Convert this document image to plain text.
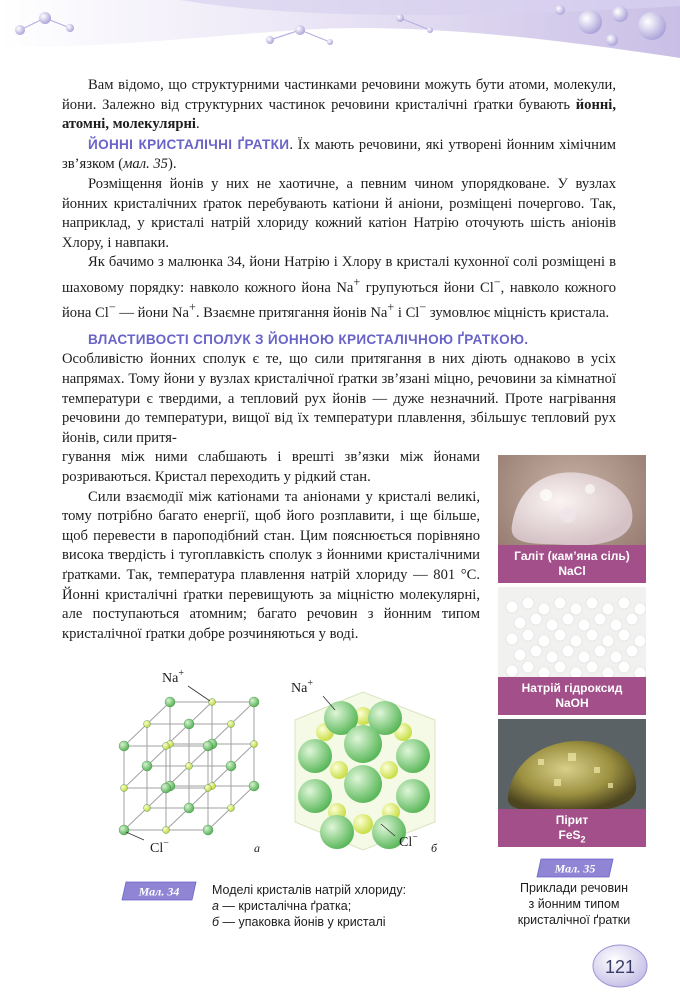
Вам відомо, що структурними частинками речовини можуть бути атоми, молекули, йони. Залежно від структурних частинок речовини кристалічні ґратки бувають йонні, атомні, молекулярні.

ЙОННІ КРИСТАЛІЧНІ ҐРАТКИ. Їх мають речовини, які утворені йонним хімічним зв’язком (мал. 35).

Розміщення йонів у них не хаотичне, а певним чином упорядковане. У вузлах йонних кристалічних ґраток перебувають катіони й аніони, розміщені почергово. Так, наприклад, у кристалі натрій хлориду кожний катіон Натрію оточують шість аніонів Хлору, і навпаки.

Як бачимо з малюнка 34, йони Натрію і Хлору в кристалі кухонної солі розміщені в шаховому порядку: навколо кожного йона Na+ групуються йони Cl−, навколо кожного йона Cl− — йони Na+. Взаємне притягання йонів Na+ і Cl− зумовлює міцність кристала.

ВЛАСТИВОСТІ СПОЛУК З ЙОННОЮ КРИСТАЛІЧНОЮ ҐРАТКОЮ.

Особливістю йонних сполук є те, що сили притягання в них діють однаково в усіх напрямах. Тому йони у вузлах кристалічної ґратки зв’язані міцно, речовини за кімнатної температури є твердими, а тепловий рух йонів — дуже незначний. Проте нагрівання речовини до температури, вищої від їх температури плавлення, збільшує тепловий рух йонів, сили притя-

гування між ними слабшають і врешті зв’язки між йонами розриваються. Кристал переходить у рідкий стан.

Сили взаємодії між катіонами та аніонами у кристалі великі, тому потрібно багато енергії, щоб його розплавити, і ще більше, щоб перевести в пароподібний стан. Цим пояснюється порівняно висока твердість і тугоплавкість сполук з йонними кристалічними ґратками. Так, температура плавлення натрій хлориду — 801 °С. Йонні кристалічні ґратки перевищують за міцністю молекулярні, але поступаються атомним; багато речовин з йонним типом кристалічної ґратки добре розчиняються у воді.

Галіт (кам’яна сіль)
NaCl
Натрій гідроксид
NaOH
Пірит
FeS$_2$
Мал. 35
Приклади речовин
з йонним типом
кристалічної ґратки
Na+
Cl−	а
Na+
Cl−
б
Мал. 34	Моделі кристалів натрій хлориду:
а — кристалічна ґратка;
б — упаковка йонів у кристалі
121
